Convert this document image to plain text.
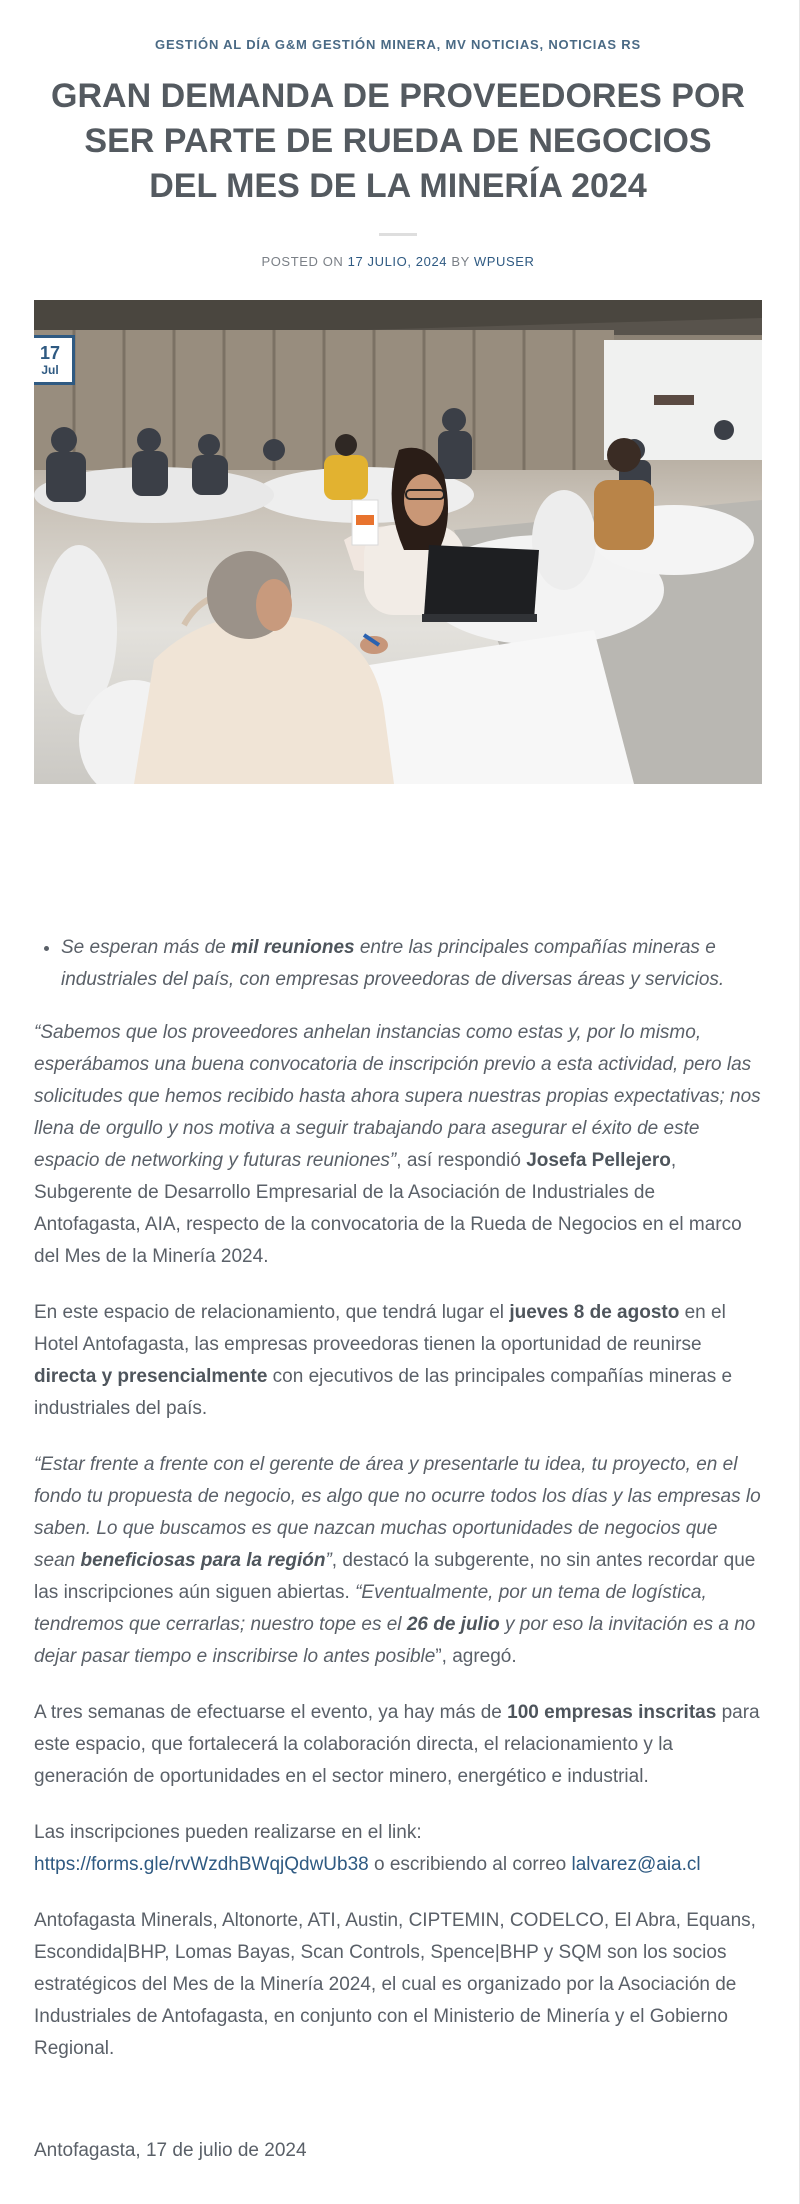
GESTIÓN AL DÍA G&M GESTIÓN MINERA, MV NOTICIAS, NOTICIAS RS
GRAN DEMANDA DE PROVEEDORES POR SER PARTE DE RUEDA DE NEGOCIOS DEL MES DE LA MINERÍA 2024
POSTED ON 17 JULIO, 2024 BY WPUSER
17
Jul
• Se esperan más de mil reuniones entre las principales compañías mineras e industriales del país, con empresas proveedoras de diversas áreas y servicios.

“Sabemos que los proveedores anhelan instancias como estas y, por lo mismo, esperábamos una buena convocatoria de inscripción previo a esta actividad, pero las solicitudes que hemos recibido hasta ahora supera nuestras propias expectativas; nos llena de orgullo y nos motiva a seguir trabajando para asegurar el éxito de este espacio de networking y futuras reuniones”, así respondió Josefa Pellejero, Subgerente de Desarrollo Empresarial de la Asociación de Industriales de Antofagasta, AIA, respecto de la convocatoria de la Rueda de Negocios en el marco del Mes de la Minería 2024.

En este espacio de relacionamiento, que tendrá lugar el jueves 8 de agosto en el Hotel Antofagasta, las empresas proveedoras tienen la oportunidad de reunirse directa y presencialmente con ejecutivos de las principales compañías mineras e industriales del país.

“Estar frente a frente con el gerente de área y presentarle tu idea, tu proyecto, en el fondo tu propuesta de negocio, es algo que no ocurre todos los días y las empresas lo saben. Lo que buscamos es que nazcan muchas oportunidades de negocios que sean beneficiosas para la región”, destacó la subgerente, no sin antes recordar que las inscripciones aún siguen abiertas. “Eventualmente, por un tema de logística, tendremos que cerrarlas; nuestro tope es el 26 de julio y por eso la invitación es a no dejar pasar tiempo e inscribirse lo antes posible”, agregó.

A tres semanas de efectuarse el evento, ya hay más de 100 empresas inscritas para este espacio, que fortalecerá la colaboración directa, el relacionamiento y la generación de oportunidades en el sector minero, energético e industrial.

Las inscripciones pueden realizarse en el link:
https://forms.gle/rvWzdhBWqjQdwUb38 o escribiendo al correo lalvarez@aia.cl

Antofagasta Minerals, Altonorte, ATI, Austin, CIPTEMIN, CODELCO, El Abra, Equans, Escondida|BHP, Lomas Bayas, Scan Controls, Spence|BHP y SQM son los socios estratégicos del Mes de la Minería 2024, el cual es organizado por la Asociación de Industriales de Antofagasta, en conjunto con el Ministerio de Minería y el Gobierno Regional.

Antofagasta, 17 de julio de 2024
